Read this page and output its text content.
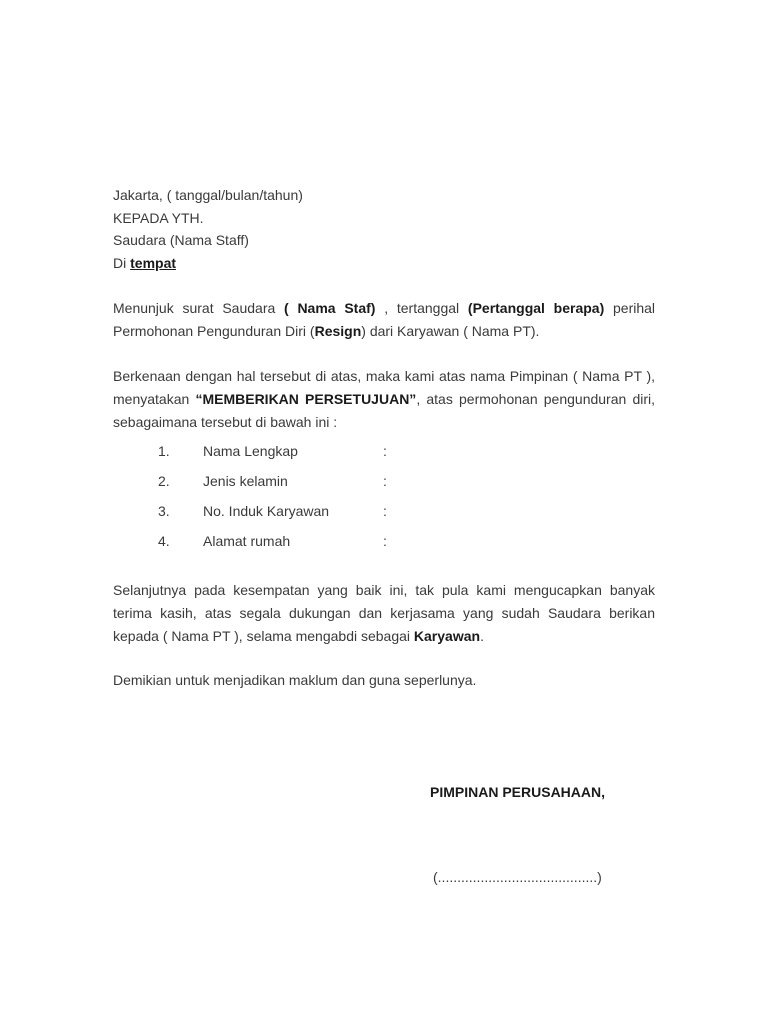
Jakarta, ( tanggal/bulan/tahun)
KEPADA YTH.
Saudara (Nama Staff)
Di tempat
Menunjuk surat Saudara ( Nama Staf) , tertanggal (Pertanggal berapa) perihal Permohonan Pengunduran Diri (Resign) dari Karyawan ( Nama PT).
Berkenaan dengan hal tersebut di atas, maka kami atas nama Pimpinan ( Nama PT ), menyatakan “MEMBERIKAN PERSETUJUAN”, atas permohonan pengunduran diri, sebagaimana tersebut di bawah ini :
1. Nama Lengkap	:
2. Jenis kelamin	:
3. No. Induk Karyawan	:
4. Alamat rumah	:
Selanjutnya pada kesempatan yang baik ini, tak pula kami mengucapkan banyak terima kasih, atas segala dukungan dan kerjasama yang sudah Saudara berikan kepada ( Nama PT ), selama mengabdi sebagai Karyawan.
Demikian untuk menjadikan maklum dan guna seperlunya.
PIMPINAN PERUSAHAAN,
(.........................................)
